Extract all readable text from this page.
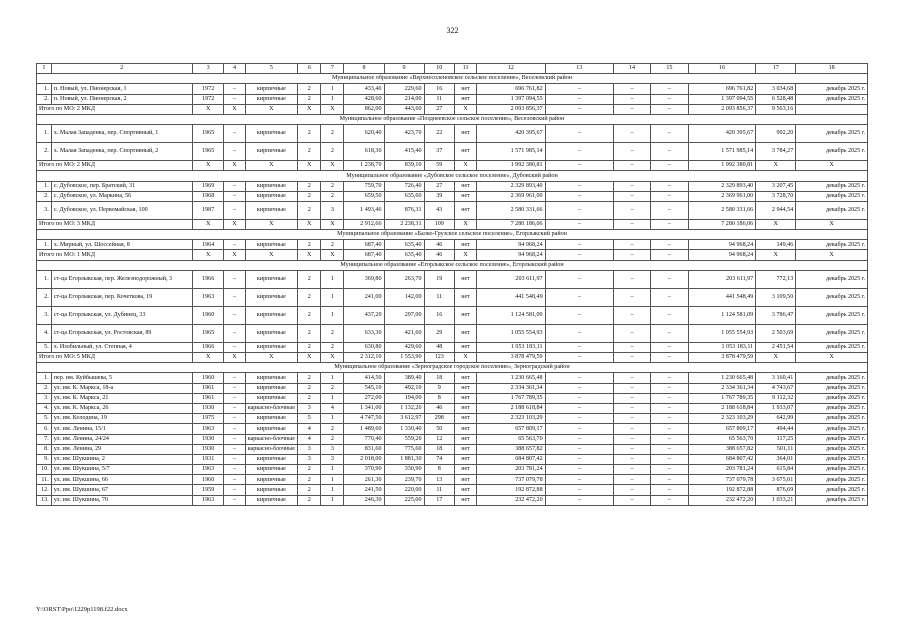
322
1	2	3	4	5	6	7	8	9	10	11	12	13	14	15	16	17	18
Муниципальное образование «Верхнесоленовское сельское поселение», Веселовский район																	
1.	п. Новый, ул. Пионерская, 1	1972	–	кирпичные	2	1	433,40	229,60	16	нет	696 761,82	–	–	–	696 761,82	3 034,68	декабрь 2025 г.
2.	п. Новый, ул. Пионерская, 2	1972	–	кирпичные	2	1	428,60	214,00	11	нет	1 397 094,55	–	–	–	1 397 094,55	6 528,48	декабрь 2025 г.
Итого по МО: 2 МКД		X	X	X	X	X	862,00	443,60	27	X	2 093 856,37	–	–	–	2 093 856,37	9 563,16	
Муниципальное образование «Позднеевское сельское поселение», Веселовский район																	
1.	х. Малая Западенка, пер. Спортивный, 1	1965	–	кирпичные	2	2	620,40	423,70	22	нет	420 395,67	–	–	–	420 395,67	992,20	декабрь 2025 г.
2.	х. Малая Западенка, пер. Спортивный, 2	1965	–	кирпичные	2	2	618,30	415,40	37	нет	1 571 985,14	–	–	–	1 571 985,14	3 784,27	декабрь 2025 г.
Итого по МО: 2 МКД		X	X	X	X	X	1 238,70	839,10	59	X	1 992 380,81	–	–	–	1 992 380,81	X	X
Муниципальное образование «Дубовское сельское поселение», Дубовский район																	
1.	с. Дубовское, пер. Братский, 31	1969	–	кирпичные	2	2	759,70	726,40	27	нет	2 329 893,40	–	–	–	2 329 893,40	3 207,45	декабрь 2025 г.
2.	с. Дубовское, ул. Маркина, 56	1968	–	кирпичные	2	2	659,50	635,60	39	нет	2 369 961,00	–	–	–	2 369 961,00	3 728,70	декабрь 2025 г.
3.	с. Дубовское, ул. Первомайская, 100	1987	–	кирпичные	2	3	1 493,46	876,31	43	нет	2 580 331,66	–	–	–	2 580 331,66	2 944,54	декабрь 2025 г.
Итого по МО: 3 МКД		X	X	X	X	X	2 912,66	2 238,31	109	X	7 280 186,06	–	–	–	7 280 186,06	X	X
Муниципальное образование «Балко-Грузское сельское поселение», Егорлыкский район																	
1.	х. Мирный, ул. Шоссейная, 8	1964	–	кирпичные	2	2	687,40	635,40	46	нет	94 968,24	–	–	–	94 968,24	149,46	декабрь 2025 г.
Итого по МО: 1 МКД		X	X	X	X	X	687,40	635,40	46	X	94 968,24	–	–	–	94 968,24	X	X
Муниципальное образование «Егорлыкское сельское поселение», Егорлыкский район																	
1.	ст-ца Егорлыкская, пер. Железнодорожный, 3	1966	–	кирпичные	2	1	369,80	263,70	19	нет	203 611,97	–	–	–	203 611,97	772,13	декабрь 2025 г.
2.	ст-ца Егорлыкская, пер. Кочеткова, 19	1963	–	кирпичные	2	1	241,00	142,00	11	нет	441 548,49	–	–	–	441 548,49	3 109,50	декабрь 2025 г.
3.	ст-ца Егорлыкская, ул. Дубинец, 33	1960	–	кирпичные	2	1	437,20	297,00	16	нет	1 124 581,09	–	–	–	1 124 581,09	3 786,47	декабрь 2025 г.
4.	ст-ца Егорлыкская, ул. Ростовская, 89	1965	–	кирпичные	2	2	633,30	421,60	29	нет	1 055 554,93	–	–	–	1 055 554,93	2 503,69	декабрь 2025 г.
5.	х. Изобильный, ул. Степная, 4	1966	–	кирпичные	2	2	630,80	429,60	48	нет	1 053 183,11	–	–	–	1 053 183,11	2 451,54	декабрь 2025 г.
Итого по МО: 5 МКД		X	X	X	X	X	2 312,10	1 553,90	123	X	3 878 479,59	–	–	–	3 878 479,59	X	X
Муниципальное образование «Зерноградское городское поселение», Зерноградский район																	
1.	пер. им. Куйбышева, 5	1960	–	кирпичные	2	1	414,50	389,40	18	нет	1 230 665,48	–	–	–	1 230 665,48	3 160,41	декабрь 2025 г.
2.	ул. им. К. Маркса, 18-а	1961	–	кирпичные	2	2	545,10	492,10	9	нет	2 334 361,34	–	–	–	2 334 361,34	4 743,67	декабрь 2025 г.
3.	ул. им. К. Маркса, 21	1961	–	кирпичные	2	1	272,00	194,00	8	нет	1 767 789,35	–	–	–	1 767 789,35	9 112,32	декабрь 2025 г.
4.	ул. им. К. Маркса, 26	1930	–	каркасно-блочные	3	4	1 341,00	1 132,20	46	нет	2 188 618,84	–	–	–	2 188 618,84	1 933,07	декабрь 2025 г.
5.	ул. им. Колодина, 19	1975	–	кирпичные	5	1	4 747,50	3 612,97	298	нет	2 323 103,29	–	–	–	2 323 103,29	642,99	декабрь 2025 г.
6.	ул. им. Ленина, 15/1	1963	–	кирпичные	4	2	1 489,60	1 330,40	50	нет	657 809,17	–	–	–	657 809,17	494,44	декабрь 2025 г.
7.	ул. им. Ленина, 24/24	1930	–	каркасно-блочные	4	2	770,40	559,20	12	нет	65 563,70	–	–	–	65 563,70	117,25	декабрь 2025 г.
8.	ул. им. Ленина, 29	1930	–	каркасно-блочные	3	3	831,60	775,60	18	нет	388 657,82	–	–	–	388 657,82	501,11	декабрь 2025 г.
9.	ул. им. Шукшина, 2	1931	–	кирпичные	3	3	2 018,00	1 881,30	74	нет	684 807,42	–	–	–	684 807,42	364,01	декабрь 2025 г.
10.	ул. им. Шукшина, 5/7	1963	–	кирпичные	2	1	370,90	330,90	8	нет	203 781,24	–	–	–	203 781,24	615,84	декабрь 2025 г.
11.	ул. им. Шукшина, 66	1960	–	кирпичные	2	1	261,30	239,70	13	нет	737 079,78	–	–	–	737 079,78	3 075,01	декабрь 2025 г.
12.	ул. им. Шукшина, 67	1959	–	кирпичные	2	1	241,50	220,00	11	нет	192 872,88	–	–	–	192 872,88	876,69	декабрь 2025 г.
13.	ул. им. Шукшина, 70	1963	–	кирпичные	2	1	246,30	225,00	17	нет	232 472,20	–	–	–	232 472,20	1 033,21	декабрь 2025 г.
Y:\ORST\Ppo\1229p1198.f22.docx
